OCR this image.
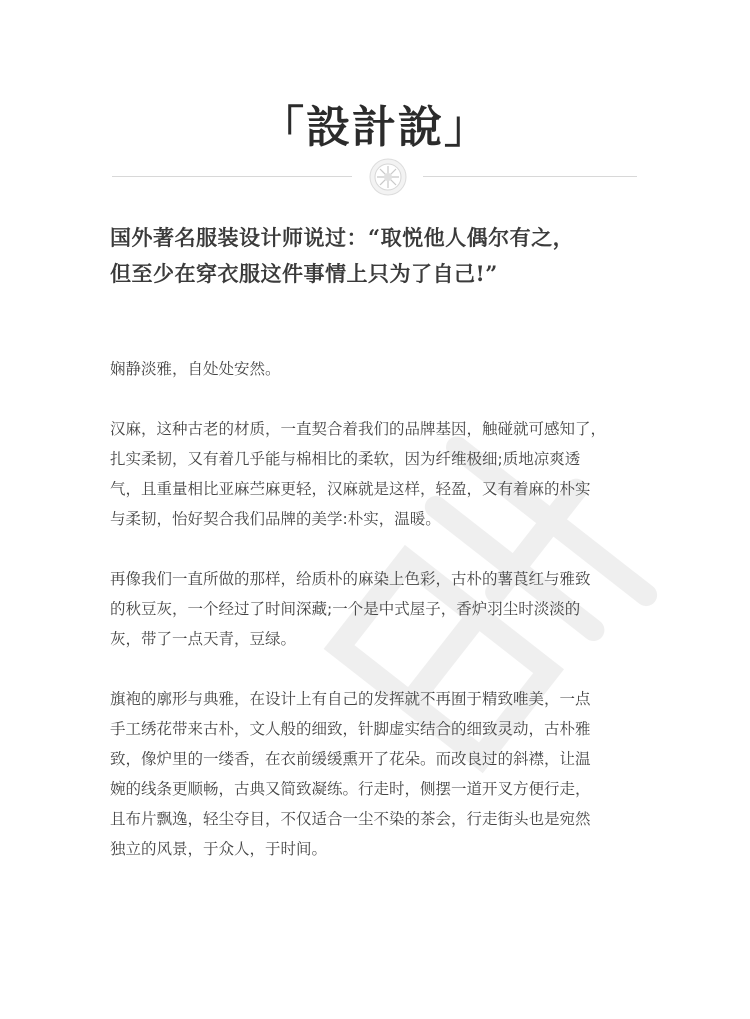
「設計說」
国外著名服装设计师说过：“取悦他人偶尔有之，
但至少在穿衣服这件事情上只为了自己!”
娴静淡雅，自处处安然。
汉麻，这种古老的材质，一直契合着我们的品牌基因，触碰就可感知了，
扎实柔韧，又有着几乎能与棉相比的柔软，因为纤维极细;质地凉爽透
气，且重量相比亚麻苎麻更轻，汉麻就是这样，轻盈，又有着麻的朴实
与柔韧，怡好契合我们品牌的美学:朴实，温暖。
再像我们一直所做的那样，给质朴的麻染上色彩，古朴的薯莨红与雅致
的秋豆灰，一个经过了时间深藏;一个是中式屋子，香炉羽尘时淡淡的
灰，带了一点天青，豆绿。
旗袍的廓形与典雅，在设计上有自己的发挥就不再囿于精致唯美，一点
手工绣花带来古朴，文人般的细致，针脚虚实结合的细致灵动，古朴雅
致，像炉里的一缕香，在衣前缓缓熏开了花朵。而改良过的斜襟，让温
婉的线条更顺畅，古典又简致凝练。行走时，侧摆一道开叉方便行走，
且布片飘逸，轻尘夺目，不仅适合一尘不染的茶会，行走街头也是宛然
独立的风景，于众人，于时间。
